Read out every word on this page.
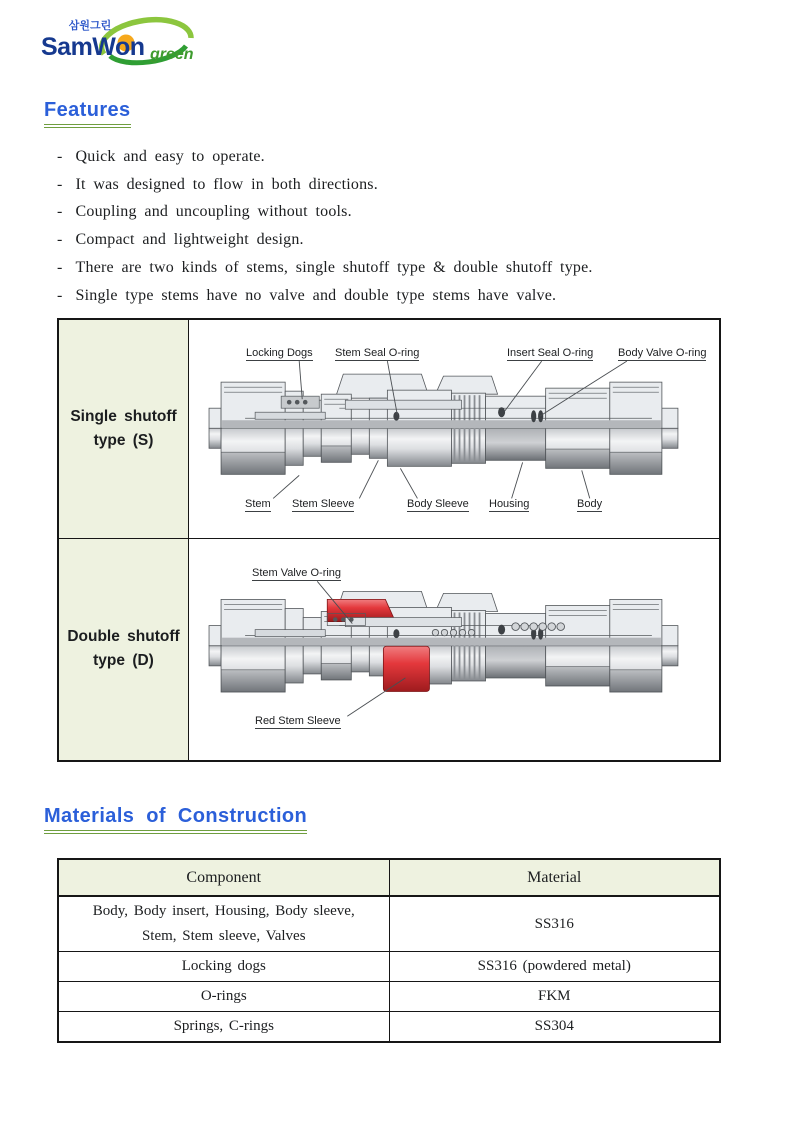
삼원그린
SamWon green
Features
- Quick and easy to operate.
- It was designed to flow in both directions.
- Coupling and uncoupling without tools.
- Compact and lightweight design.
- There are two kinds of stems, single shutoff type & double shutoff type.
- Single type stems have no valve and double type stems have valve.
Single shutoff
type (S)
Locking Dogs Stem Seal O-ring	Insert Seal O-ring Body Valve O-ring
Stem Stem Sleeve	Body Sleeve Housing	Body
Double shutoff
type (D)
Stem Valve O-ring
Red Stem Sleeve
Materials of Construction
Component	Material
Body, Body insert, Housing, Body sleeve, Stem, Stem sleeve, Valves	SS316
Locking dogs	SS316 (powdered metal)
O-rings	FKM
Springs, C-rings	SS304
